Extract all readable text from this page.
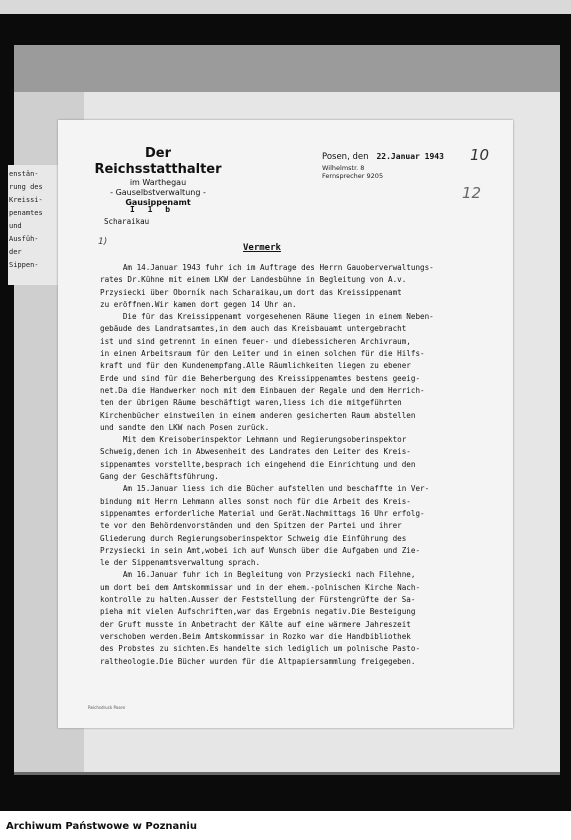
enstän-
rung des
Kreissi-
penamtes
und
Ausfüh-
der
Sippen-
Der Reichsstatthalter
im Warthegau
- Gauselbstverwaltung -
Gausippenamt
I 1 b
Scharaikau
Posen, den 22.Januar 1943
Wilhelmstr. 8
Fernsprecher 9205
10
12
1)
Vermerk
Am 14.Januar 1943 fuhr ich im Auftrage des Herrn Gauoberverwaltungs-
rates Dr.Kühne mit einem LKW der Landesbühne in Begleitung von A.v.
Przysiecki über Oborník nach Scharaikau,um dort das Kreissippenamt
zu eröffnen.Wir kamen dort gegen 14 Uhr an.
Die für das Kreissippenamt vorgesehenen Räume liegen in einem Neben-
gebäude des Landratsamtes,in dem auch das Kreisbauamt untergebracht
ist und sind getrennt in einen feuer- und diebessicheren Archivraum,
in einen Arbeitsraum für den Leiter und in einen solchen für die Hilfs-
kraft und für den Kundenempfang.Alle Räumlichkeiten liegen zu ebener
Erde und sind für die Beherbergung des Kreissippenamtes bestens geeig-
net.Da die Handwerker noch mit dem Einbauen der Regale und dem Herrich-
ten der übrigen Räume beschäftigt waren,liess ich die mitgeführten
Kirchenbücher einstweilen in einem anderen gesicherten Raum abstellen
und sandte den LKW nach Posen zurück.
Mit dem Kreisoberinspektor Lehmann und Regierungsoberinspektor
Schweig,denen ich in Abwesenheit des Landrates den Leiter des Kreis-
sippenamtes vorstellte,besprach ich eingehend die Einrichtung und den
Gang der Geschäftsführung.
Am 15.Januar liess ich die Bücher aufstellen und beschaffte in Ver-
bindung mit Herrn Lehmann alles sonst noch für die Arbeit des Kreis-
sippenamtes erforderliche Material und Gerät.Nachmittags 16 Uhr erfolg-
te vor den Behördenvorständen und den Spitzen der Partei und ihrer
Gliederung durch Regierungsoberinspektor Schweig die Einführung des
Przysiecki in sein Amt,wobei ich auf Wunsch über die Aufgaben und Zie-
le der Sippenamtsverwaltung sprach.
Am 16.Januar fuhr ich in Begleitung von Przysiecki nach Filehne,
um dort bei dem Amtskommissar und in der ehem.-polnischen Kirche Nach-
kontrolle zu halten.Ausser der Feststellung der Fürstengrüfte der Sa-
pieha mit vielen Aufschriften,war das Ergebnis negativ.Die Besteigung
der Gruft musste in Anbetracht der Kälte auf eine wärmere Jahreszeit
verschoben werden.Beim Amtskommissar in Rozko war die Handbibliothek
des Probstes zu sichten.Es handelte sich lediglich um polnische Pasto-
raltheologie.Die Bücher wurden für die Altpapiersammlung freigegeben.
Reichsdruck Posen
Archiwum Państwowe w Poznaniu
